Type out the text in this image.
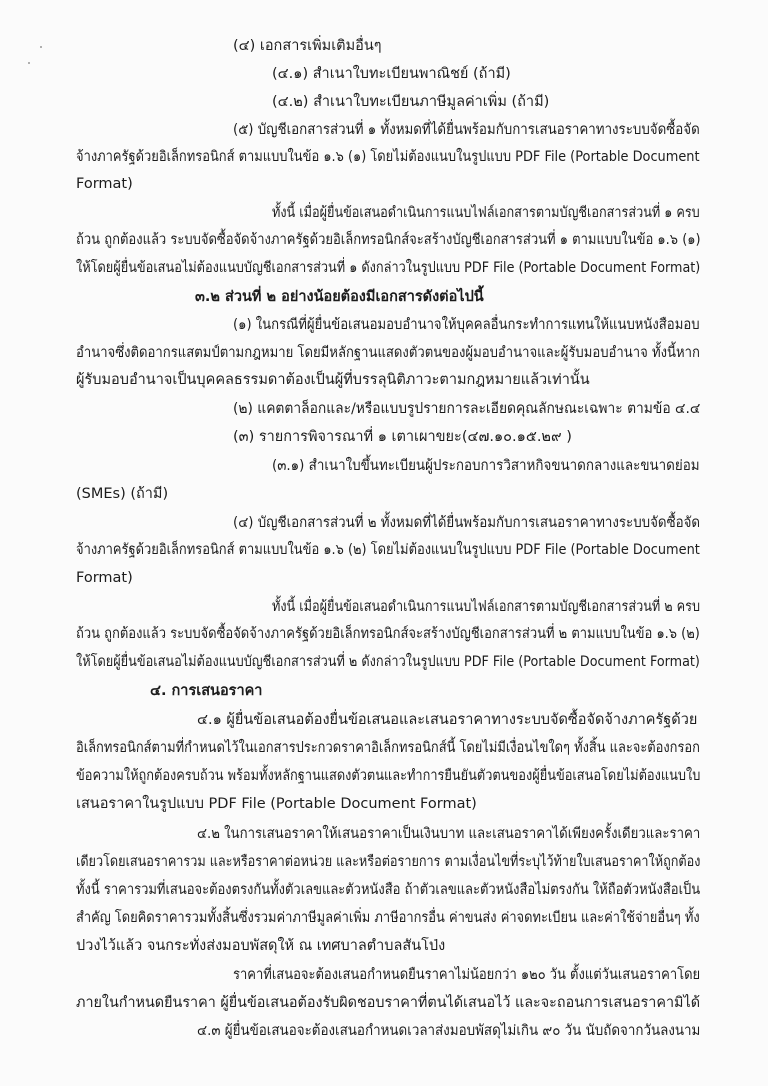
(๔) เอกสารเพิ่มเติมอื่นๆ
(๔.๑) สำเนาใบทะเบียนพาณิชย์ (ถ้ามี)
(๔.๒) สำเนาใบทะเบียนภาษีมูลค่าเพิ่ม (ถ้ามี)
(๕) บัญชีเอกสารส่วนที่ ๑ ทั้งหมดที่ได้ยื่นพร้อมกับการเสนอราคาทางระบบจัดซื้อจัด
จ้างภาครัฐด้วยอิเล็กทรอนิกส์ ตามแบบในข้อ ๑.๖ (๑) โดยไม่ต้องแนบในรูปแบบ PDF File (Portable Document
Format)
ทั้งนี้ เมื่อผู้ยื่นข้อเสนอดำเนินการแนบไฟล์เอกสารตามบัญชีเอกสารส่วนที่ ๑ ครบ
ถ้วน ถูกต้องแล้ว ระบบจัดซื้อจัดจ้างภาครัฐด้วยอิเล็กทรอนิกส์จะสร้างบัญชีเอกสารส่วนที่ ๑ ตามแบบในข้อ ๑.๖ (๑)
ให้โดยผู้ยื่นข้อเสนอไม่ต้องแนบบัญชีเอกสารส่วนที่ ๑ ดังกล่าวในรูปแบบ PDF File (Portable Document Format)
๓.๒ ส่วนที่ ๒ อย่างน้อยต้องมีเอกสารดังต่อไปนี้
(๑) ในกรณีที่ผู้ยื่นข้อเสนอมอบอำนาจให้บุคคลอื่นกระทำการแทนให้แนบหนังสือมอบ
อำนาจซึ่งติดอากรแสตมป์ตามกฎหมาย โดยมีหลักฐานแสดงตัวตนของผู้มอบอำนาจและผู้รับมอบอำนาจ ทั้งนี้หาก
ผู้รับมอบอำนาจเป็นบุคคลธรรมดาต้องเป็นผู้ที่บรรลุนิติภาวะตามกฎหมายแล้วเท่านั้น
(๒) แคตตาล็อกและ/หรือแบบรูปรายการละเอียดคุณลักษณะเฉพาะ ตามข้อ ๔.๔
(๓) รายการพิจารณาที่ ๑ เตาเผาขยะ(๔๗.๑๐.๑๕.๒๙ )
(๓.๑) สำเนาใบขึ้นทะเบียนผู้ประกอบการวิสาหกิจขนาดกลางและขนาดย่อม
(SMEs) (ถ้ามี)
(๔) บัญชีเอกสารส่วนที่ ๒ ทั้งหมดที่ได้ยื่นพร้อมกับการเสนอราคาทางระบบจัดซื้อจัด
จ้างภาครัฐด้วยอิเล็กทรอนิกส์ ตามแบบในข้อ ๑.๖ (๒) โดยไม่ต้องแนบในรูปแบบ PDF File (Portable Document
Format)
ทั้งนี้ เมื่อผู้ยื่นข้อเสนอดำเนินการแนบไฟล์เอกสารตามบัญชีเอกสารส่วนที่ ๒ ครบ
ถ้วน ถูกต้องแล้ว ระบบจัดซื้อจัดจ้างภาครัฐด้วยอิเล็กทรอนิกส์จะสร้างบัญชีเอกสารส่วนที่ ๒ ตามแบบในข้อ ๑.๖ (๒)
ให้โดยผู้ยื่นข้อเสนอไม่ต้องแนบบัญชีเอกสารส่วนที่ ๒ ดังกล่าวในรูปแบบ PDF File (Portable Document Format)
๔. การเสนอราคา
๔.๑ ผู้ยื่นข้อเสนอต้องยื่นข้อเสนอและเสนอราคาทางระบบจัดซื้อจัดจ้างภาครัฐด้วย
อิเล็กทรอนิกส์ตามที่กำหนดไว้ในเอกสารประกวดราคาอิเล็กทรอนิกส์นี้ โดยไม่มีเงื่อนไขใดๆ ทั้งสิ้น และจะต้องกรอก
ข้อความให้ถูกต้องครบถ้วน พร้อมทั้งหลักฐานแสดงตัวตนและทำการยืนยันตัวตนของผู้ยื่นข้อเสนอโดยไม่ต้องแนบใบ
เสนอราคาในรูปแบบ PDF File (Portable Document Format)
๔.๒ ในการเสนอราคาให้เสนอราคาเป็นเงินบาท และเสนอราคาได้เพียงครั้งเดียวและราคา
เดียวโดยเสนอราคารวม และหรือราคาต่อหน่วย และหรือต่อรายการ ตามเงื่อนไขที่ระบุไว้ท้ายใบเสนอราคาให้ถูกต้อง
ทั้งนี้ ราคารวมที่เสนอจะต้องตรงกันทั้งตัวเลขและตัวหนังสือ ถ้าตัวเลขและตัวหนังสือไม่ตรงกัน ให้ถือตัวหนังสือเป็น
สำคัญ โดยคิดราคารวมทั้งสิ้นซึ่งรวมค่าภาษีมูลค่าเพิ่ม ภาษีอากรอื่น ค่าขนส่ง ค่าจดทะเบียน และค่าใช้จ่ายอื่นๆ ทั้ง
ปวงไว้แล้ว จนกระทั่งส่งมอบพัสดุให้ ณ เทศบาลตำบลสันโป่ง
ราคาที่เสนอจะต้องเสนอกำหนดยืนราคาไม่น้อยกว่า ๑๒๐ วัน ตั้งแต่วันเสนอราคาโดย
ภายในกำหนดยืนราคา ผู้ยื่นข้อเสนอต้องรับผิดชอบราคาที่ตนได้เสนอไว้ และจะถอนการเสนอราคามิได้
๔.๓ ผู้ยื่นข้อเสนอจะต้องเสนอกำหนดเวลาส่งมอบพัสดุไม่เกิน ๙๐ วัน นับถัดจากวันลงนาม
